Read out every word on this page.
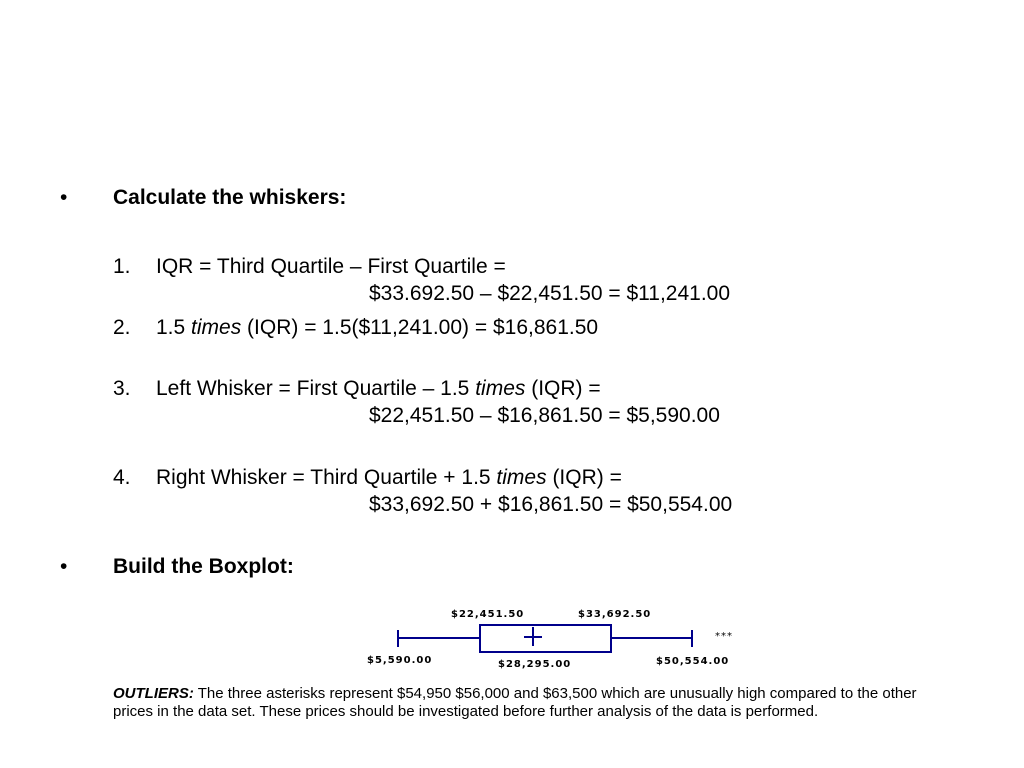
• Calculate the whiskers:
1. IQR = Third Quartile – First Quartile =
$33.692.50 – $22,451.50 = $11,241.00
2. 1.5 times (IQR) = 1.5($11,241.00) = $16,861.50
3. Left Whisker = First Quartile – 1.5 times (IQR) =
$22,451.50 – $16,861.50 = $5,590.00
4. Right Whisker = Third Quartile + 1.5 times (IQR) =
$33,692.50 + $16,861.50 = $50,554.00
• Build the Boxplot:
$22,451.50	$33,692.50
$5,590.00	$28,295.00	$50,554.00
***
OUTLIERS: The three asterisks represent $54,950 $56,000 and $63,500 which are unusually high compared to the other prices in the data set. These prices should be investigated before further analysis of the data is performed.
